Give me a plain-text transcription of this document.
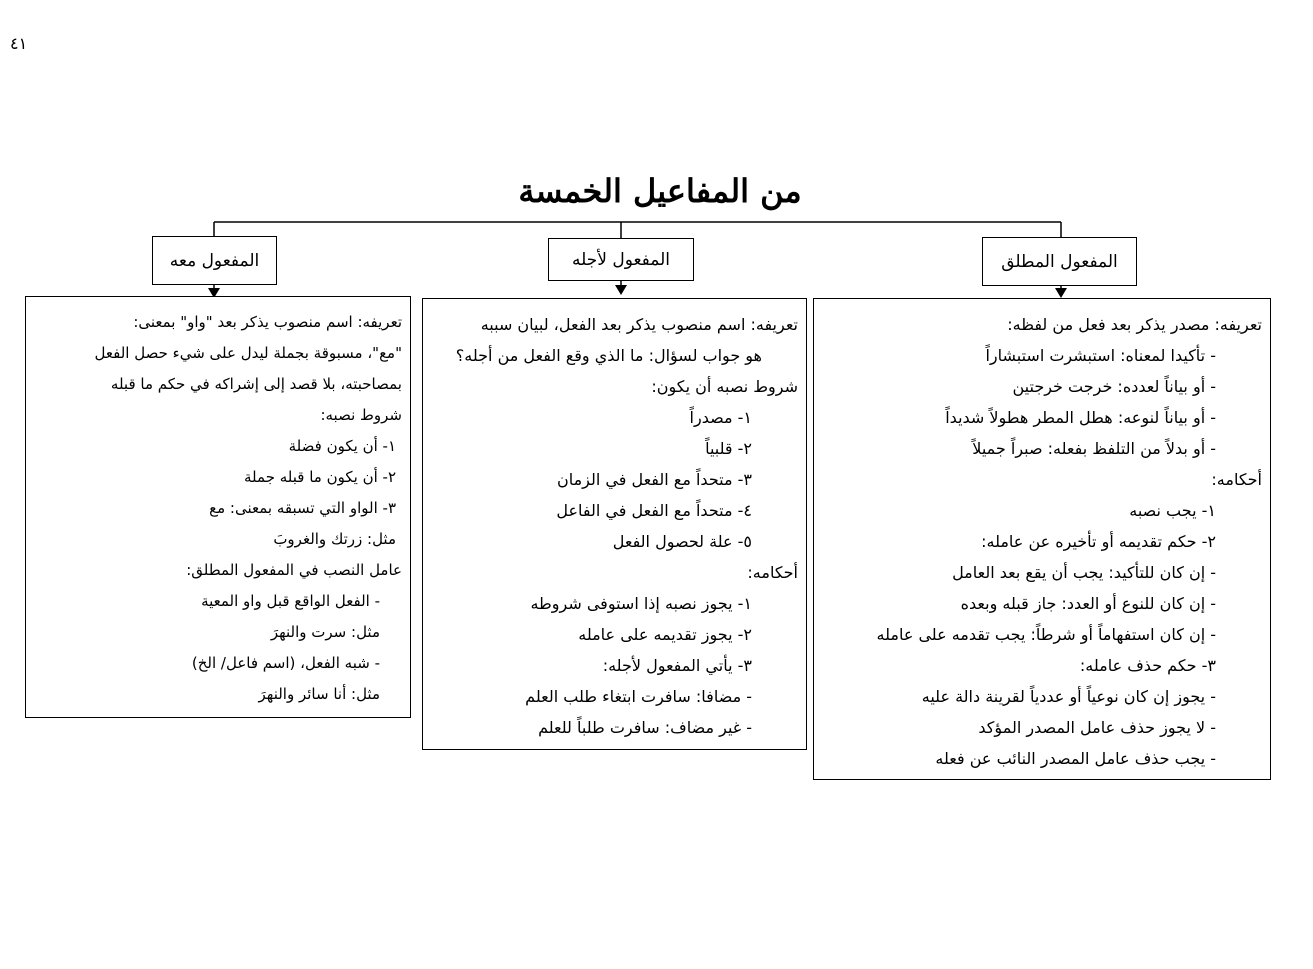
٤١
من المفاعيل الخمسة
المفعول المطلق
المفعول لأجله
المفعول معه
تعريفه: مصدر يذكر بعد فعل من لفظه:
- تأكيدا لمعناه: استبشرت استبشاراً
- أو بياناً لعدده: خرجت خرجتين
- أو بياناً لنوعه: هطل المطر هطولاً شديداً
- أو بدلاً من التلفظ بفعله: صبراً جميلاً
أحكامه:
١- يجب نصبه
٢- حكم تقديمه أو تأخيره عن عامله:
- إن كان للتأكيد: يجب أن يقع بعد العامل
- إن كان للنوع أو العدد: جاز قبله وبعده
- إن كان استفهاماً أو شرطاً: يجب تقدمه على عامله
٣- حكم حذف عامله:
- يجوز إن كان نوعياً أو عددياً لقرينة دالة عليه
- لا يجوز حذف عامل المصدر المؤكد
- يجب حذف عامل المصدر النائب عن فعله
تعريفه: اسم منصوب يذكر بعد الفعل، لبيان سببه
هو جواب لسؤال: ما الذي وقع الفعل من أجله؟
شروط نصبه أن يكون:
١- مصدراً
٢- قلبياً
٣- متحداً مع الفعل في الزمان
٤- متحداً مع الفعل في الفاعل
٥- علة لحصول الفعل
أحكامه:
١- يجوز نصبه إذا استوفى شروطه
٢- يجوز تقديمه على عامله
٣- يأتي المفعول لأجله:
- مضافا: سافرت ابتغاء طلب العلم
- غير مضاف: سافرت طلباً للعلم
تعريفه: اسم منصوب يذكر بعد "واو" بمعنى:
"مع"، مسبوقة بجملة ليدل على شيء حصل الفعل
بمصاحبته، بلا قصد إلى إشراكه في حكم ما قبله
شروط نصبه:
١- أن يكون فضلة
٢- أن يكون ما قبله جملة
٣- الواو التي تسبقه بمعنى: مع
مثل: زرتك والغروبَ
عامل النصب في المفعول المطلق:
- الفعل الواقع قبل واو المعية
مثل: سرت والنهرَ
- شبه الفعل، (اسم فاعل/ الخ)
مثل: أنا سائر والنهرَ
